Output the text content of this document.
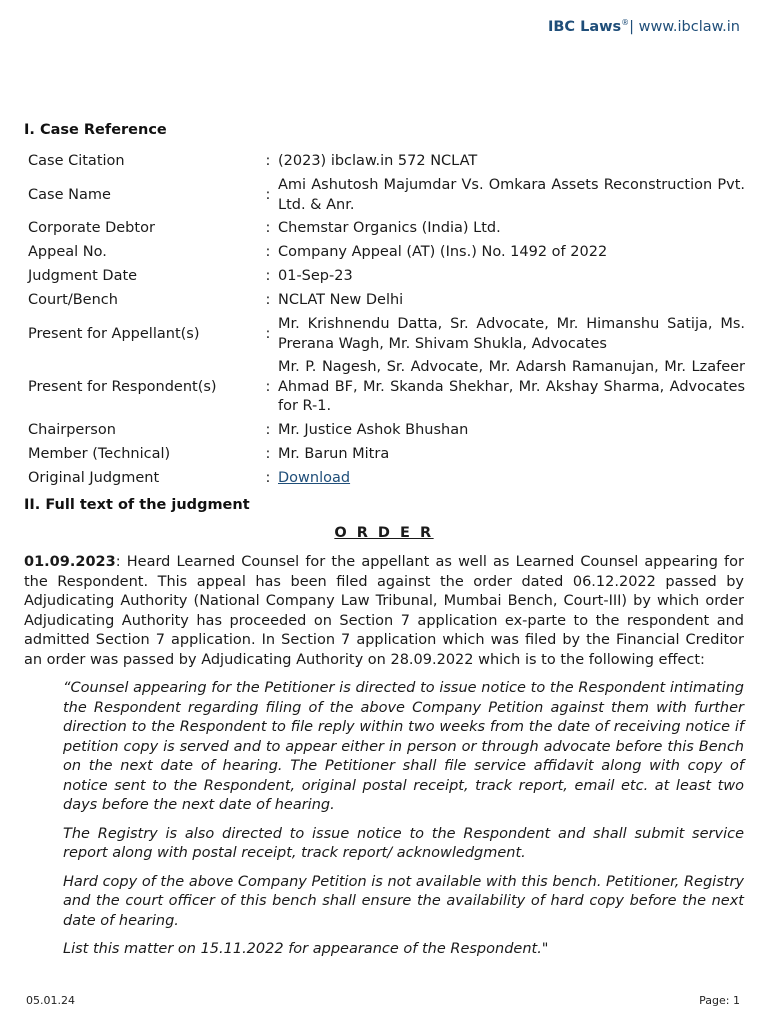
IBC Laws®| www.ibclaw.in
I. Case Reference
Case Citation	:	(2023) ibclaw.in 572 NCLAT
Case Name	:	Ami Ashutosh Majumdar Vs. Omkara Assets Reconstruction Pvt. Ltd. & Anr.
Corporate Debtor	:	Chemstar Organics (India) Ltd.
Appeal No.	:	Company Appeal (AT) (Ins.) No. 1492 of 2022
Judgment Date	:	01-Sep-23
Court/Bench	:	NCLAT New Delhi
Present for Appellant(s)	:	Mr. Krishnendu Datta, Sr. Advocate, Mr. Himanshu Satija, Ms. Prerana Wagh, Mr. Shivam Shukla, Advocates
Present for Respondent(s)	:	Mr. P. Nagesh, Sr. Advocate, Mr. Adarsh Ramanujan, Mr. Lzafeer Ahmad BF, Mr. Skanda Shekhar, Mr. Akshay Sharma, Advocates for R-1.
Chairperson	:	Mr. Justice Ashok Bhushan
Member (Technical)	:	Mr. Barun Mitra
Original Judgment	:	Download
II. Full text of the judgment
O R D E R

01.09.2023: Heard Learned Counsel for the appellant as well as Learned Counsel appearing for the Respondent. This appeal has been filed against the order dated 06.12.2022 passed by Adjudicating Authority (National Company Law Tribunal, Mumbai Bench, Court-III) by which order Adjudicating Authority has proceeded on Section 7 application ex-parte to the respondent and admitted Section 7 application. In Section 7 application which was filed by the Financial Creditor an order was passed by Adjudicating Authority on 28.09.2022 which is to the following effect:

“Counsel appearing for the Petitioner is directed to issue notice to the Respondent intimating the Respondent regarding filing of the above Company Petition against them with further direction to the Respondent to file reply within two weeks from the date of receiving notice if petition copy is served and to appear either in person or through advocate before this Bench on the next date of hearing. The Petitioner shall file service affidavit along with copy of notice sent to the Respondent, original postal receipt, track report, email etc. at least two days before the next date of hearing.

The Registry is also directed to issue notice to the Respondent and shall submit service report along with postal receipt, track report/ acknowledgment.

Hard copy of the above Company Petition is not available with this bench. Petitioner, Registry and the court officer of this bench shall ensure the availability of hard copy before the next date of hearing.

List this matter on 15.11.2022 for appearance of the Respondent."

05.01.24	Page: 1
